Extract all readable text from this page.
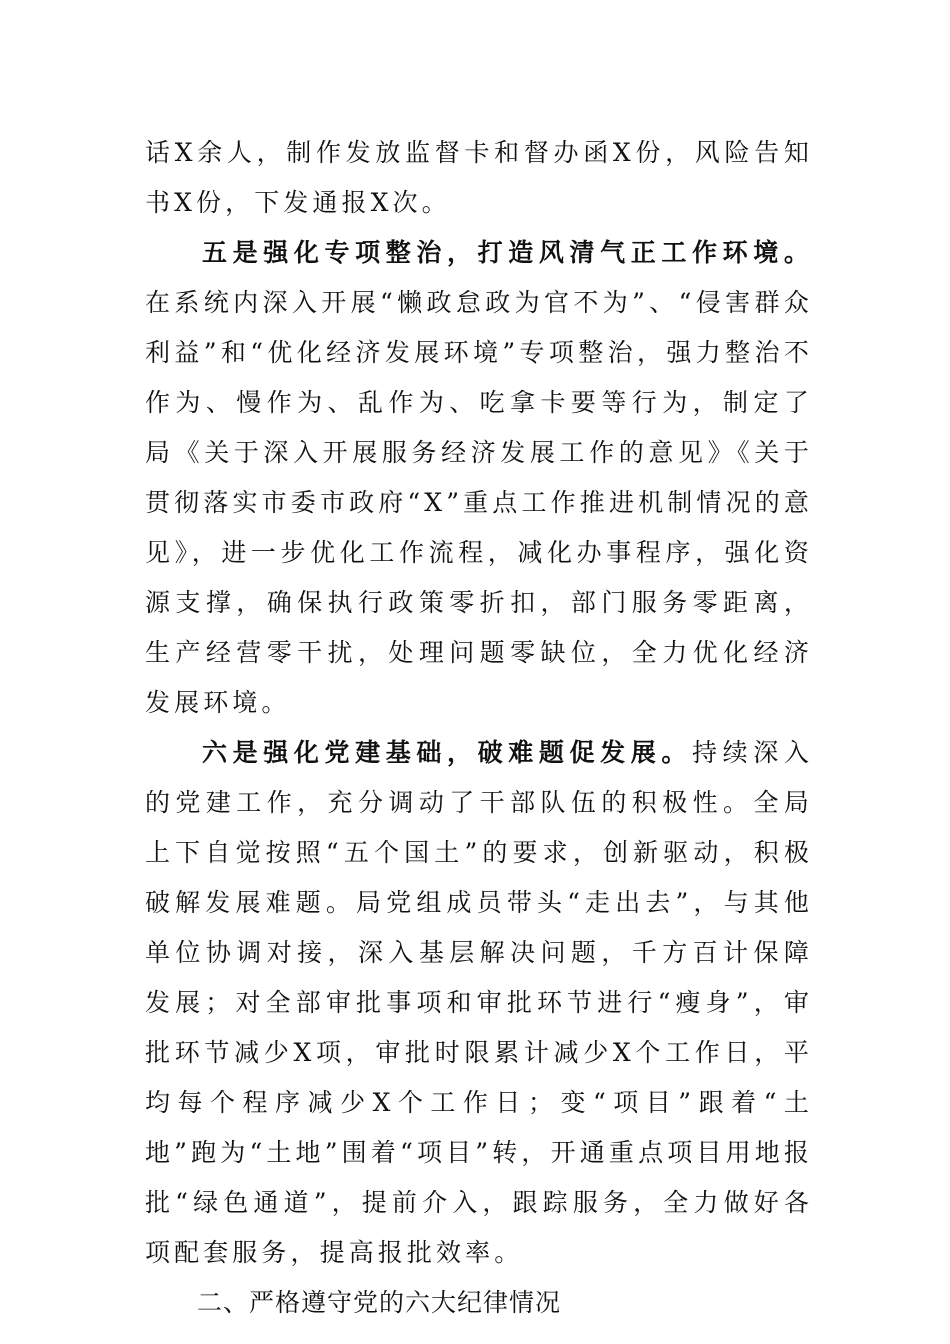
话X余人，制作发放监督卡和督办函X份，风险告知书X份，下发通报X次。

五是强化专项整治，打造风清气正工作环境。在系统内深入开展“懒政怠政为官不为”、“侵害群众利益”和“优化经济发展环境”专项整治，强力整治不作为、慢作为、乱作为、吃拿卡要等行为，制定了局《关于深入开展服务经济发展工作的意见》《关于贯彻落实市委市政府“X”重点工作推进机制情况的意见》，进一步优化工作流程，减化办事程序，强化资源支撑，确保执行政策零折扣，部门服务零距离，生产经营零干扰，处理问题零缺位，全力优化经济发展环境。

六是强化党建基础，破难题促发展。持续深入的党建工作，充分调动了干部队伍的积极性。全局上下自觉按照“五个国土”的要求，创新驱动，积极破解发展难题。局党组成员带头“走出去”，与其他单位协调对接，深入基层解决问题，千方百计保障发展；对全部审批事项和审批环节进行“瘦身”，审批环节减少X项，审批时限累计减少X个工作日，平均每个程序减少X个工作日；变“项目”跟着“土地”跑为“土地”围着“项目”转，开通重点项目用地报批“绿色通道”，提前介入，跟踪服务，全力做好各项配套服务，提高报批效率。

二、严格遵守党的六大纪律情况
